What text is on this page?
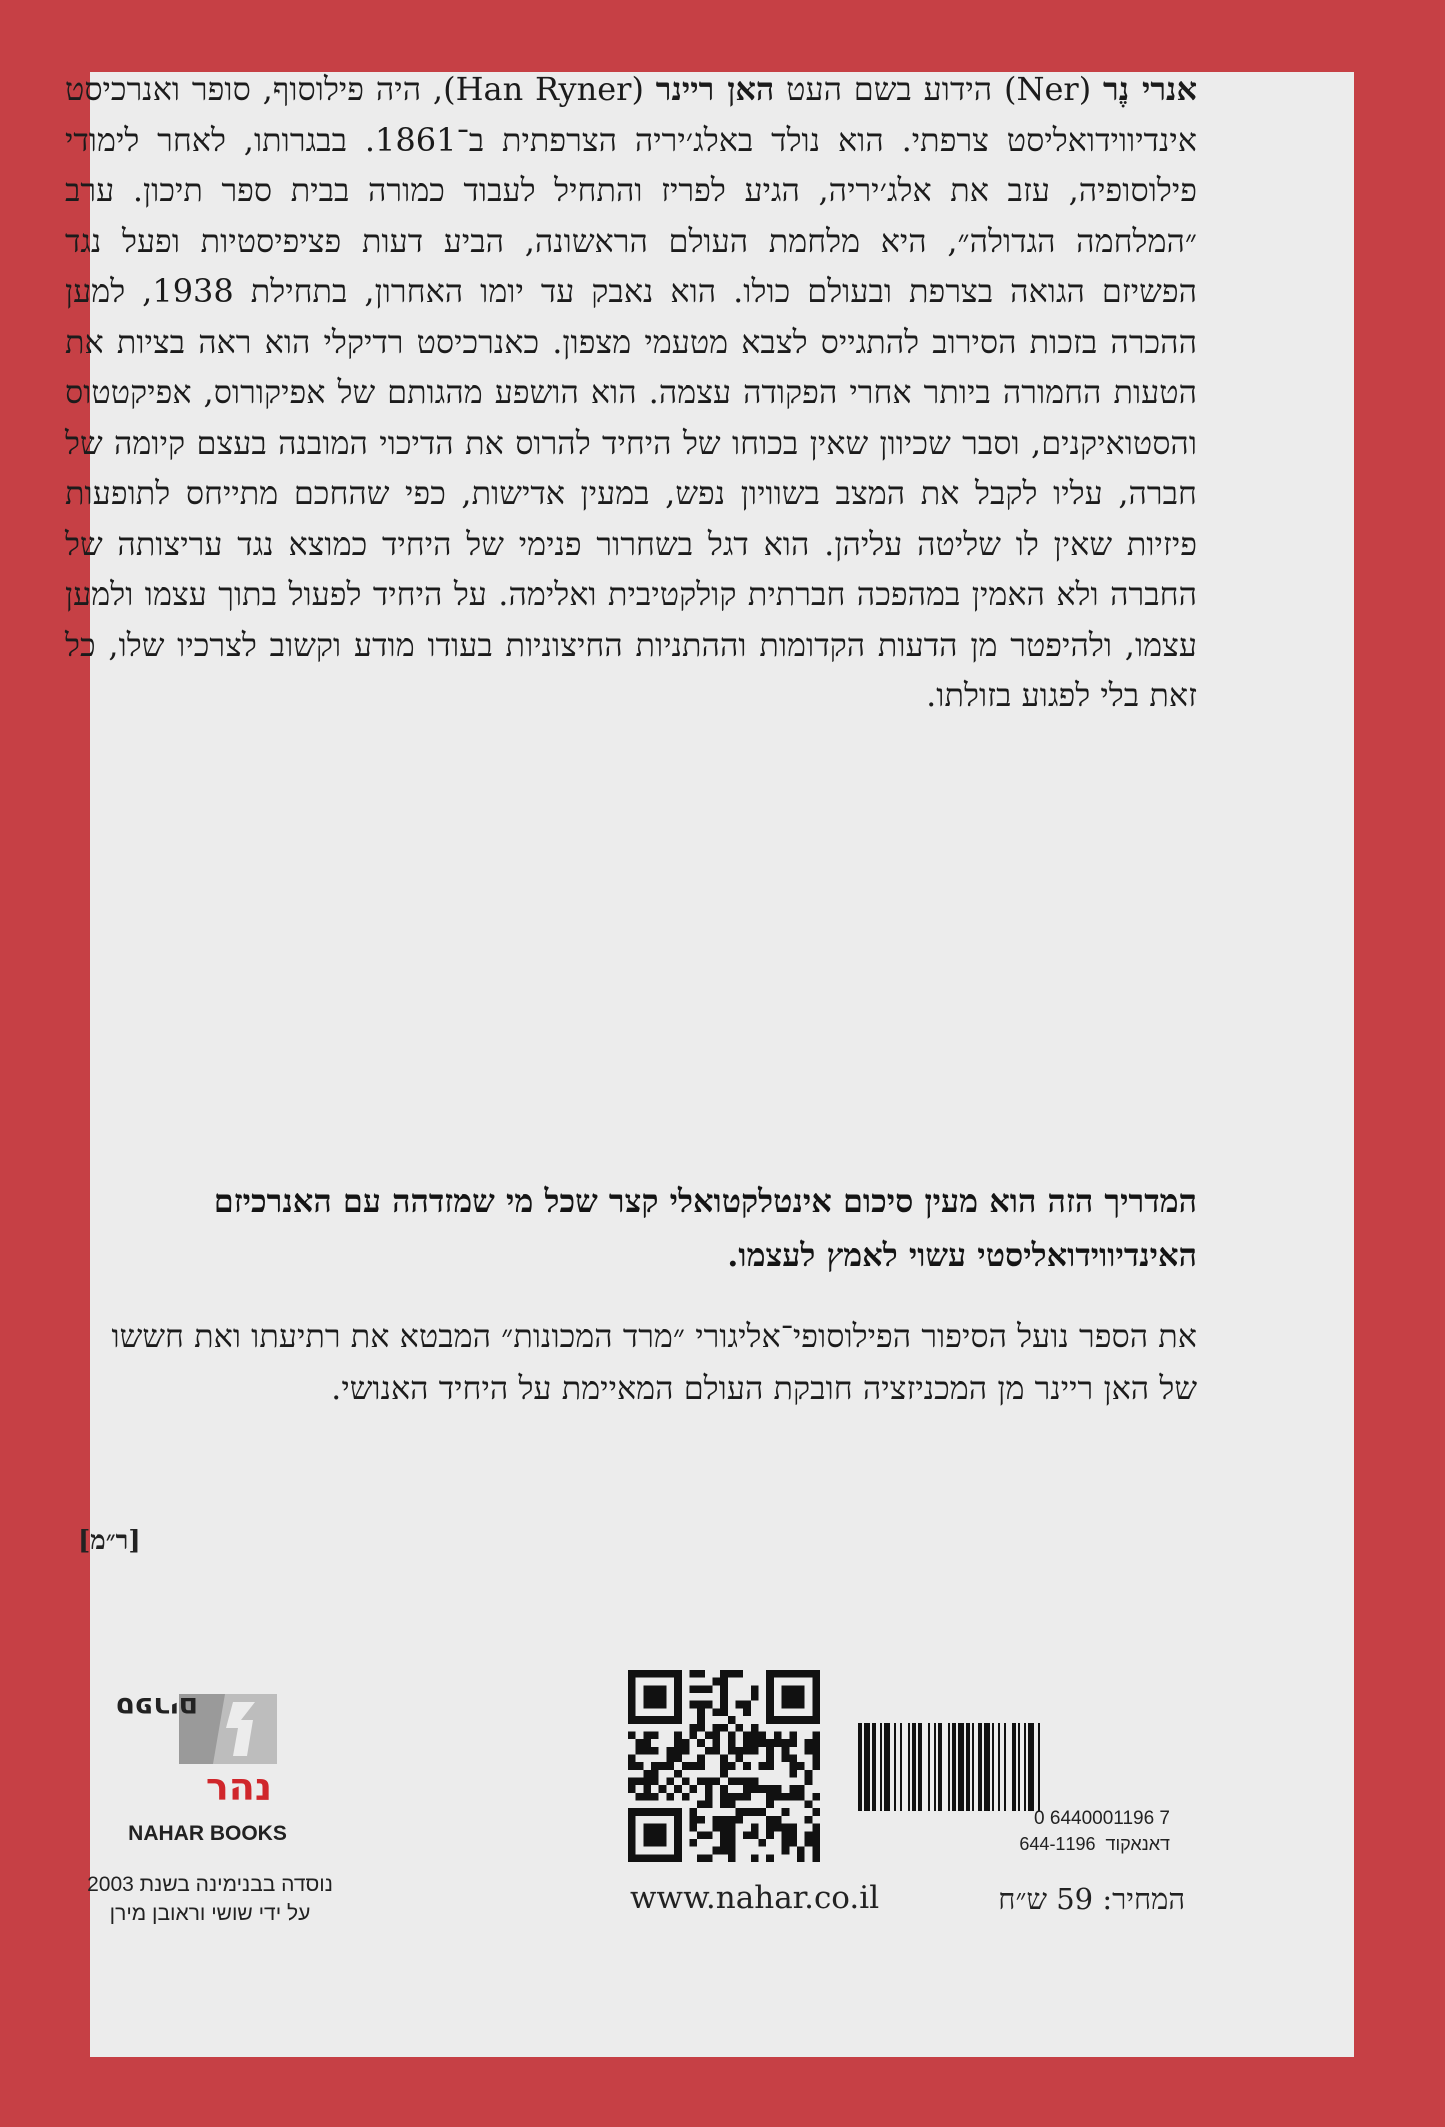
אנרי נֶר (Ner) הידוע בשם העט האן ריינר (Han Ryner), היה פילוסוף, סופר ואנרכיסט אינדיווידואליסט צרפתי. הוא נולד באלג׳יריה הצרפתית ב־1861. בבגרותו, לאחר לימודי פילוסופיה, עזב את אלג׳יריה, הגיע לפריז והתחיל לעבוד כמורה בבית ספר תיכון. ערב ״המלחמה הגדולה״, היא מלחמת העולם הראשונה, הביע דעות פציפיסטיות ופעל נגד הפשיזם הגואה בצרפת ובעולם כולו. הוא נאבק עד יומו האחרון, בתחילת 1938, למען ההכרה בזכות הסירוב להתגייס לצבא מטעמי מצפון. כאנרכיסט רדיקלי הוא ראה בציות את הטעות החמורה ביותר אחרי הפקודה עצמה. הוא הושפע מהגותם של אפיקורוס, אפיקטטוס והסטואיקנים, וסבר שכיוון שאין בכוחו של היחיד להרוס את הדיכוי המובנה בעצם קיומה של חברה, עליו לקבל את המצב בשוויון נפש, במעין אדישות, כפי שהחכם מתייחס לתופעות פיזיות שאין לו שליטה עליהן. הוא דגל בשחרור פנימי של היחיד כמוצא נגד עריצותה של החברה ולא האמין במהפכה חברתית קולקטיבית ואלימה. על היחיד לפעול בתוך עצמו ולמען עצמו, ולהיפטר מן הדעות הקדומות וההתניות החיצוניות בעודו מודע וקשוב לצרכיו שלו, כל זאת בלי לפגוע בזולתו.

המדריך הזה הוא מעין סיכום אינטלקטואלי קצר שכל מי שמזדהה עם האנרכיזם האינדיווידואליסטי עשוי לאמץ לעצמו.

את הספר נועל הסיפור הפילוסופי־אליגורי ״מרד המכונות״ המבטא את רתיעתו ואת חששו של האן ריינר מן המכניזציה חובקת העולם המאיימת על היחיד האנושי.

[ר״מ]
0 6440001196 7
דאנאקוד  644-1196
www.nahar.co.il	המחיר: 59 ש״ח
ספרים
נהר
NAHAR BOOKS
נוסדה בבנימינה בשנת 2003
על ידי שושי וראובן מירן
